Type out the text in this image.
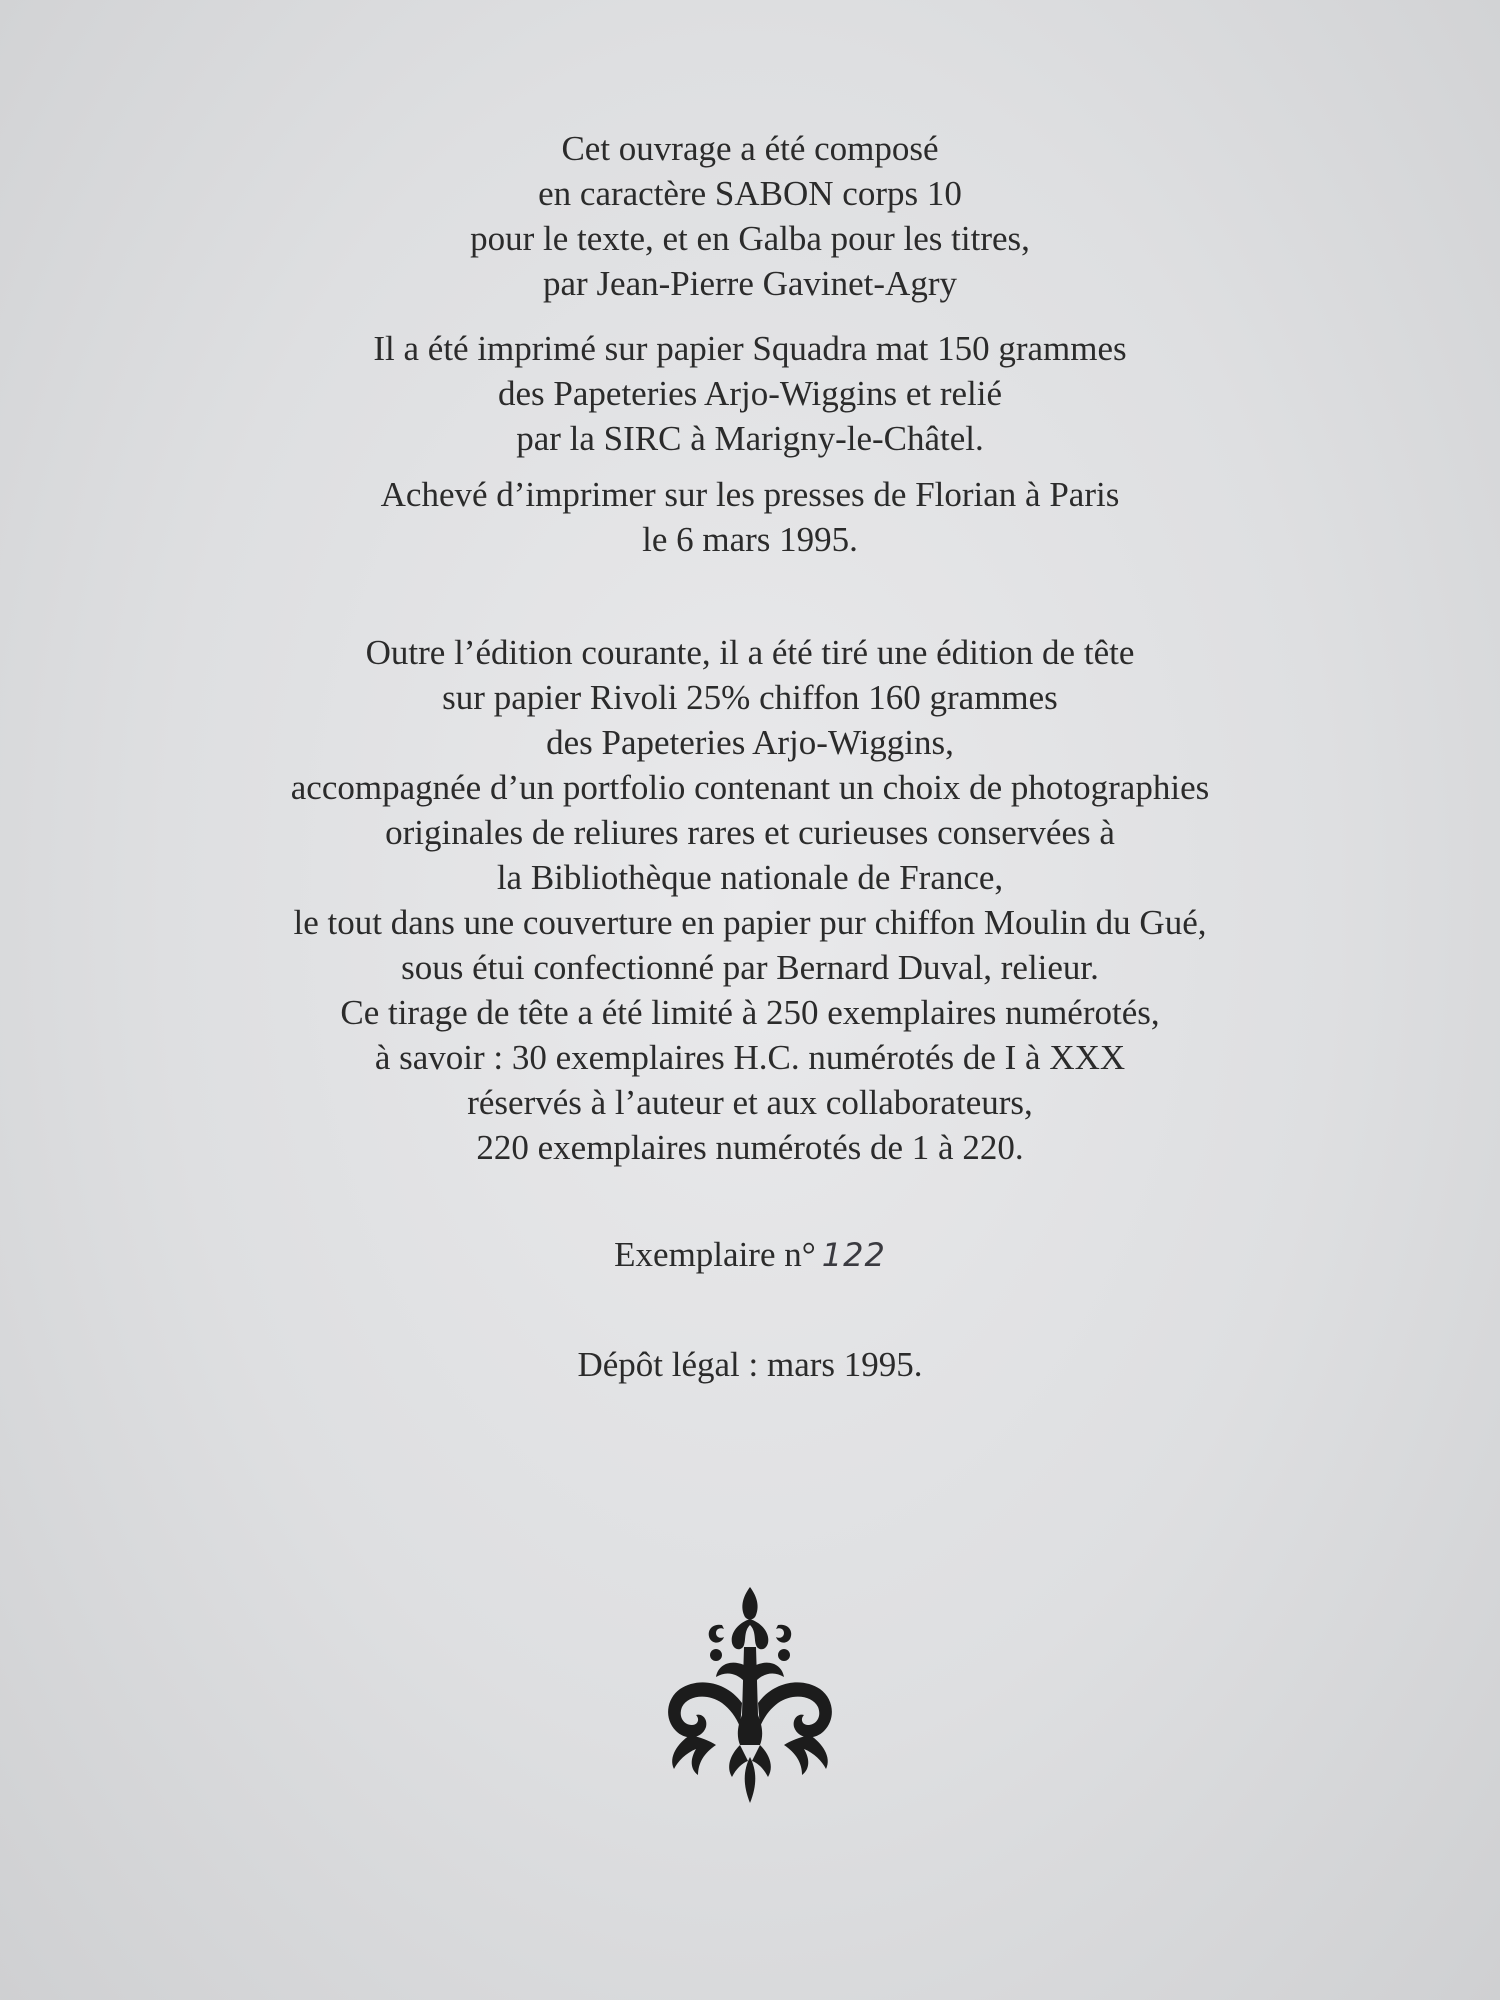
Cet ouvrage a été composé

en caractère SABON corps 10

pour le texte, et en Galba pour les titres,

par Jean-Pierre Gavinet-Agry

Il a été imprimé sur papier Squadra mat 150 grammes

des Papeteries Arjo-Wiggins et relié

par la SIRC à Marigny-le-Châtel.

Achevé d’imprimer sur les presses de Florian à Paris

le 6 mars 1995.

Outre l’édition courante, il a été tiré une édition de tête

sur papier Rivoli 25% chiffon 160 grammes

des Papeteries Arjo-Wiggins,

accompagnée d’un portfolio contenant un choix de photographies

originales de reliures rares et curieuses conservées à

la Bibliothèque nationale de France,

le tout dans une couverture en papier pur chiffon Moulin du Gué,

sous étui confectionné par Bernard Duval, relieur.

Ce tirage de tête a été limité à 250 exemplaires numérotés,

à savoir : 30 exemplaires H.C. numérotés de I à XXX

réservés à l’auteur et aux collaborateurs,

220 exemplaires numérotés de 1 à 220.

Exemplaire n° 122

Dépôt légal : mars 1995.
